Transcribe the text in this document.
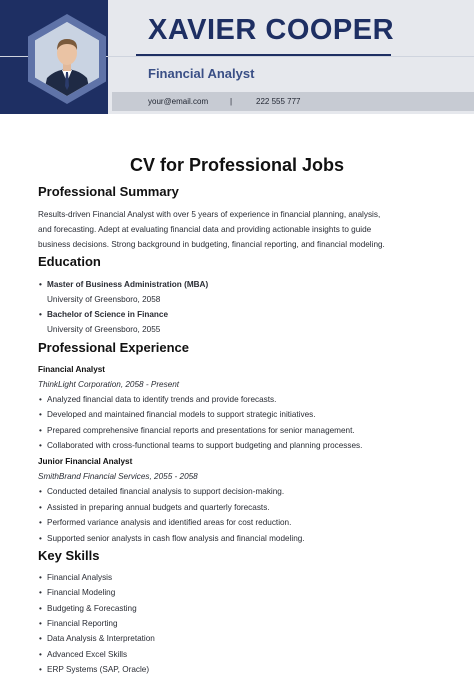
your@email.com	|	222 555 777
XAVIER COOPER
Financial Analyst
CV for Professional Jobs
Professional Summary
Results-driven Financial Analyst with over 5 years of experience in financial planning, analysis,
and forecasting. Adept at evaluating financial data and providing actionable insights to guide
business decisions. Strong background in budgeting, financial reporting, and financial modeling.
Education
• Master of Business Administration (MBA)
University of Greensboro, 2058
• Bachelor of Science in Finance
University of Greensboro, 2055
Professional Experience
Financial Analyst
ThinkLight Corporation, 2058 - Present
• Analyzed financial data to identify trends and provide forecasts.
• Developed and maintained financial models to support strategic initiatives.
• Prepared comprehensive financial reports and presentations for senior management.
• Collaborated with cross-functional teams to support budgeting and planning processes.
Junior Financial Analyst
SmithBrand Financial Services, 2055 - 2058
• Conducted detailed financial analysis to support decision-making.
• Assisted in preparing annual budgets and quarterly forecasts.
• Performed variance analysis and identified areas for cost reduction.
• Supported senior analysts in cash flow analysis and financial modeling.
Key Skills
• Financial Analysis
• Financial Modeling
• Budgeting & Forecasting
• Financial Reporting
• Data Analysis & Interpretation
• Advanced Excel Skills
• ERP Systems (SAP, Oracle)
